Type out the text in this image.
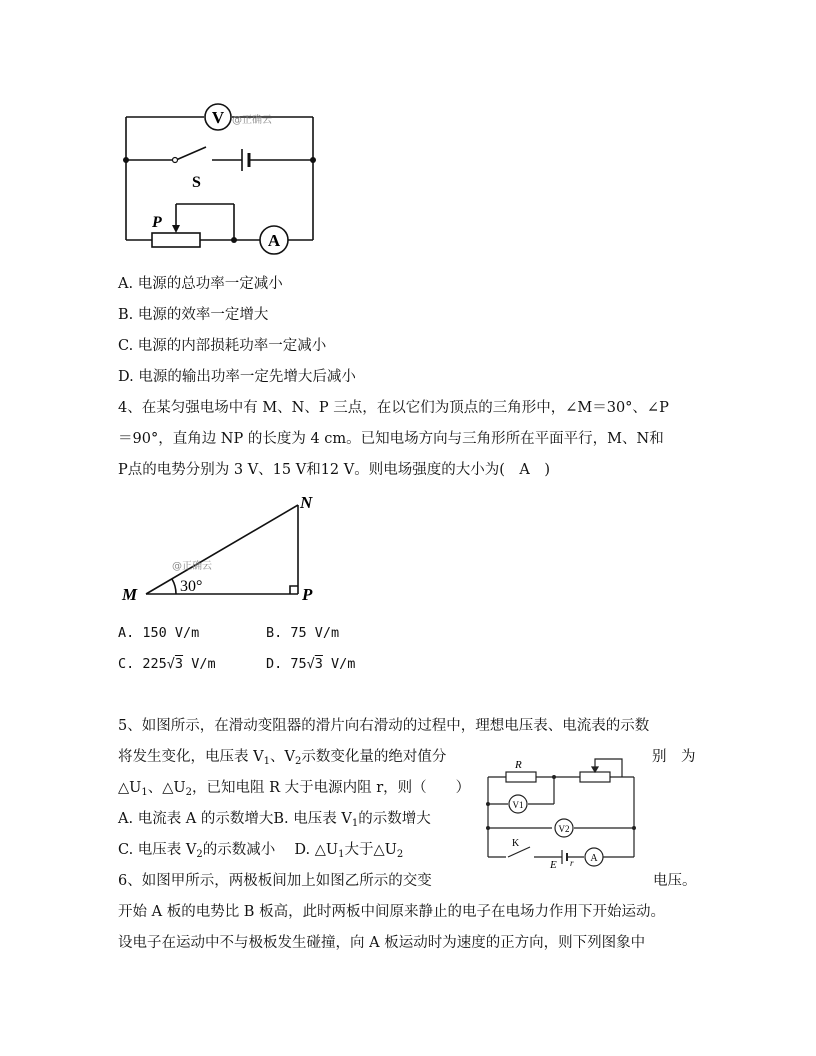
V
A
S
P
@正确云
A. 电源的总功率一定减小
B. 电源的效率一定增大
C. 电源的内部损耗功率一定减小
D. 电源的输出功率一定先增大后减小
4、在某匀强电场中有 M、N、P 三点，在以它们为顶点的三角形中，∠M＝30°、∠P
＝90°，直角边 NP 的长度为 4 cm。已知电场方向与三角形所在平面平行，M、N和
P点的电势分别为 3 V、15 V和12 V。则电场强度的大小为(　A　)
M
N
P
30°
@正确云
A. 150 V/m	B. 75 V/m
C. 225√3 V/m	D. 75√3 V/m
5、如图所示，在滑动变阻器的滑片向右滑动的过程中，理想电压表、电流表的示数
将发生变化，电压表 $V_1$、$V_2$示数变化量的绝对值分	别　为
$\triangle U_1$、$\triangle U_2$，已知电阻 R 大于电源内阻 r，则（　　）
A. 电流表 A 的示数增大B. 电压表 $V_1$的示数增大
C. 电压表 $V_2$的示数减小　 D. $\triangle U_1$大于$\triangle U_2$
R
V1
V2
K
E r A
6、如图甲所示，两极板间加上如图乙所示的交变	电压。
开始 A 板的电势比 B 板高，此时两板中间原来静止的电子在电场力作用下开始运动。
设电子在运动中不与极板发生碰撞，向 A 板运动时为速度的正方向，则下列图象中
